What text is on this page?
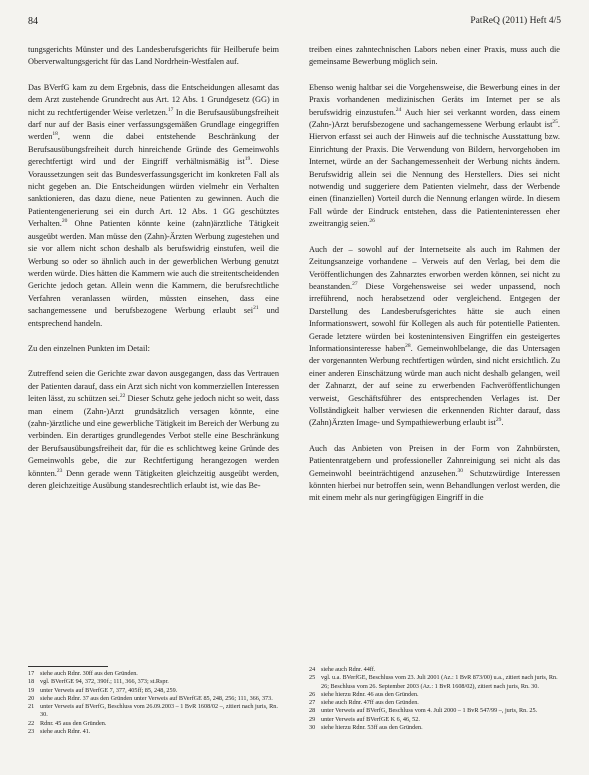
84	PatReQ (2011) Heft 4/5

tungsgerichts Münster und des Landesberufsgerichts für Heilberufe beim Oberverwaltungsgericht für das Land Nordrhein-Westfalen auf.

Das BVerfG kam zu dem Ergebnis, dass die Entscheidungen allesamt das dem Arzt zustehende Grundrecht aus Art. 12 Abs. 1 Grundgesetz (GG) in nicht zu rechtfertigender Weise verletzen.$^{17}$ In die Berufsausübungsfreiheit darf nur auf der Basis einer verfassungsgemäßen Grundlage eingegriffen werden$^{18}$, wenn die dabei entstehende Beschränkung der Berufsausübungsfreiheit durch hinreichende Gründe des Gemeinwohls gerechtfertigt wird und der Eingriff verhältnismäßig ist$^{19}$. Diese Voraussetzungen seit das Bundesverfassungsgericht im konkreten Fall als nicht gegeben an. Die Entscheidungen würden vielmehr ein Verhalten sanktionieren, das dazu diene, neue Patienten zu gewinnen. Auch die Patientengenerierung sei ein durch Art. 12 Abs. 1 GG geschütztes Verhalten.$^{20}$ Ohne Patienten könnte keine (zahn)ärztliche Tätigkeit ausgeübt werden. Man müsse den (Zahn)-Ärzten Werbung zugestehen und sie vor allem nicht schon deshalb als berufswidrig einstufen, weil die Werbung so oder so ähnlich auch in der gewerblichen Werbung genutzt werden würde. Dies hätten die Kammern wie auch die streitentscheidenden Gerichte jedoch getan. Allein wenn die Kammern, die berufsrechtliche Verfahren veranlassen würden, müssten einsehen, dass eine sachangemessene und berufsbezogene Werbung erlaubt sei$^{21}$ und entsprechend handeln.

Zu den einzelnen Punkten im Detail:

Zutreffend seien die Gerichte zwar davon ausgegangen, dass das Vertrauen der Patienten darauf, dass ein Arzt sich nicht von kommerziellen Interessen leiten lässt, zu schützen sei.$^{22}$ Dieser Schutz gehe jedoch nicht so weit, dass man einem (Zahn-)Arzt grundsätzlich versagen könnte, eine (zahn-)ärztliche und eine gewerbliche Tätigkeit im Bereich der Werbung zu verbinden. Ein derartiges grundlegendes Verbot stelle eine Beschränkung der Berufsausübungsfreiheit dar, für die es schlichtweg keine Gründe des Gemeinwohls gebe, die zur Rechtfertigung herangezogen werden könnten.$^{23}$ Denn gerade wenn Tätigkeiten gleichzeitig ausgeübt werden, deren gleichzeitige Ausübung standesrechtlich erlaubt ist, wie das Be-

treiben eines zahntechnischen Labors neben einer Praxis, muss auch die gemeinsame Bewerbung möglich sein.

Ebenso wenig haltbar sei die Vorgehensweise, die Bewerbung eines in der Praxis vorhandenen medizinischen Geräts im Internet per se als berufswidrig einzustufen.$^{24}$ Auch hier sei verkannt worden, dass einem (Zahn-)Arzt berufsbezogene und sachangemessene Werbung erlaubt ist$^{25}$. Hiervon erfasst sei auch der Hinweis auf die technische Ausstattung bzw. Einrichtung der Praxis. Die Verwendung von Bildern, hervorgehoben im Internet, würde an der Sachangemessenheit der Werbung nichts ändern. Berufswidrig allein sei die Nennung des Herstellers. Dies sei nicht notwendig und suggeriere dem Patienten vielmehr, dass der Werbende einen (finanziellen) Vorteil durch die Nennung erlangen würde. In diesem Fall würde der Eindruck entstehen, dass die Patienteninteressen eher zweitrangig seien.$^{26}$

Auch der – sowohl auf der Internetseite als auch im Rahmen der Zeitungsanzeige vorhandene – Verweis auf den Verlag, bei dem die Veröffentlichungen des Zahnarztes erworben werden können, sei nicht zu beanstanden.$^{27}$ Diese Vorgehensweise sei weder unpassend, noch irreführend, noch herabsetzend oder vergleichend. Entgegen der Darstellung des Landesberufsgerichtes hätte sie auch einen Informationswert, sowohl für Kollegen als auch für potentielle Patienten. Gerade letztere würden bei kostenintensiven Eingriffen ein gesteigertes Informationsinteresse haben$^{28}$. Gemeinwohlbelange, die das Untersagen der vorgenannten Werbung rechtfertigen würden, sind nicht ersichtlich. Zu einer anderen Einschätzung würde man auch nicht deshalb gelangen, weil der Zahnarzt, der auf seine zu erwerbenden Fachveröffentlichungen verweist, Geschäftsführer des entsprechenden Verlages ist. Der Vollständigkeit halber verwiesen die erkennenden Richter darauf, dass (Zahn)Ärzten Image- und Sympathiewerbung erlaubt ist$^{29}$.

Auch das Anbieten von Preisen in der Form von Zahnbürsten, Patientenratgebern und professioneller Zahnreinigung sei nicht als das Gemeinwohl beeinträchtigend anzusehen.$^{30}$ Schutzwürdige Interessen könnten hierbei nur betroffen sein, wenn Behandlungen verlost werden, die mit einem mehr als nur geringfügigen Eingriff in die

17 siehe auch Rdnr. 30ff aus den Gründen.
18 vgl. BVerfGE 94, 372, 390f.; 111, 366, 373; st.Rspr.
19 unter Verweis auf BVerfGE 7, 377, 405ff; 85, 248, 259.
20 siehe auch Rdnr. 37 aus den Gründen unter Verweis auf BVerfGE 85, 248, 256; 111, 366, 373.
21 unter Verweis auf BVerfG, Beschluss vom 26.09.2003 – 1 BvR 1608/02 –, zitiert nach juris, Rn. 30.
22 Rdnr. 45 aus den Gründen.
23 siehe auch Rdnr. 41.
24 siehe auch Rdnr. 44ff.
25 vgl. u.a. BVerfGE, Beschluss vom 23. Juli 2001 (Az.: 1 BvR 873/00) u.a., zitiert nach juris, Rn. 26; Beschluss vom 26. September 2003 (Az.: 1 BvR 1608/02), zitiert nach juris, Rn. 30.
26 siehe hierzu Rdnr. 46 aus den Gründen.
27 siehe auch Rdnr. 47ff aus den Gründen.
28 unter Verweis auf BVerfG, Beschluss vom 4. Juli 2000 – 1 BvR 547/99 –, juris, Rn. 25.
29 unter Verweis auf BVerfGE K 6, 46, 52.
30 siehe hierzu Rdnr. 53ff aus den Gründen.
